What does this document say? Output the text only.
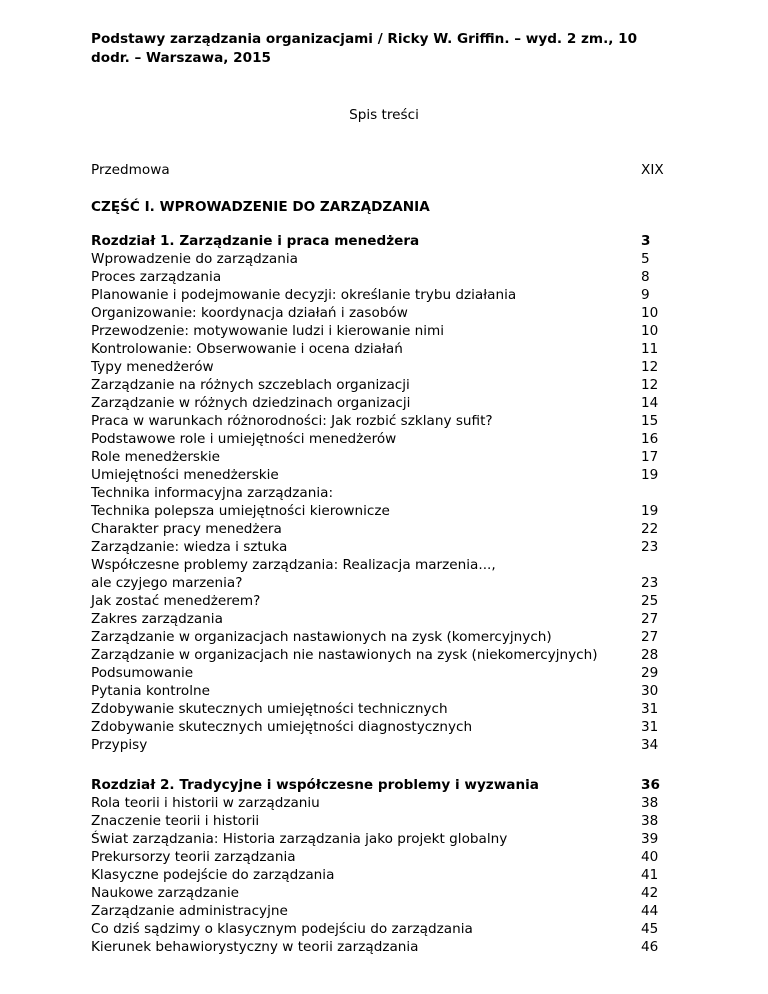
Podstawy zarządzania organizacjami / Ricky W. Griffin. – wyd. 2 zm., 10
dodr. – Warszawa, 2015
Spis treści
Przedmowa	XIX
CZĘŚĆ I. WPROWADZENIE DO ZARZĄDZANIA
Rozdział 1. Zarządzanie i praca menedżera	3
Wprowadzenie do zarządzania	5
Proces zarządzania	8
Planowanie i podejmowanie decyzji: określanie trybu działania	9
Organizowanie: koordynacja działań i zasobów	10
Przewodzenie: motywowanie ludzi i kierowanie nimi	10
Kontrolowanie: Obserwowanie i ocena działań	11
Typy menedżerów	12
Zarządzanie na różnych szczeblach organizacji	12
Zarządzanie w różnych dziedzinach organizacji	14
Praca w warunkach różnorodności: Jak rozbić szklany sufit?	15
Podstawowe role i umiejętności menedżerów	16
Role menedżerskie	17
Umiejętności menedżerskie	19
Technika informacyjna zarządzania:
Technika polepsza umiejętności kierownicze	19
Charakter pracy menedżera	22
Zarządzanie: wiedza i sztuka	23
Współczesne problemy zarządzania: Realizacja marzenia...,
ale czyjego marzenia?	23
Jak zostać menedżerem?	25
Zakres zarządzania	27
Zarządzanie w organizacjach nastawionych na zysk (komercyjnych)	27
Zarządzanie w organizacjach nie nastawionych na zysk (niekomercyjnych)	28
Podsumowanie	29
Pytania kontrolne	30
Zdobywanie skutecznych umiejętności technicznych	31
Zdobywanie skutecznych umiejętności diagnostycznych	31
Przypisy	34
Rozdział 2. Tradycyjne i współczesne problemy i wyzwania	36
Rola teorii i historii w zarządzaniu	38
Znaczenie teorii i historii	38
Świat zarządzania: Historia zarządzania jako projekt globalny	39
Prekursorzy teorii zarządzania	40
Klasyczne podejście do zarządzania	41
Naukowe zarządzanie	42
Zarządzanie administracyjne	44
Co dziś sądzimy o klasycznym podejściu do zarządzania	45
Kierunek behawiorystyczny w teorii zarządzania	46
